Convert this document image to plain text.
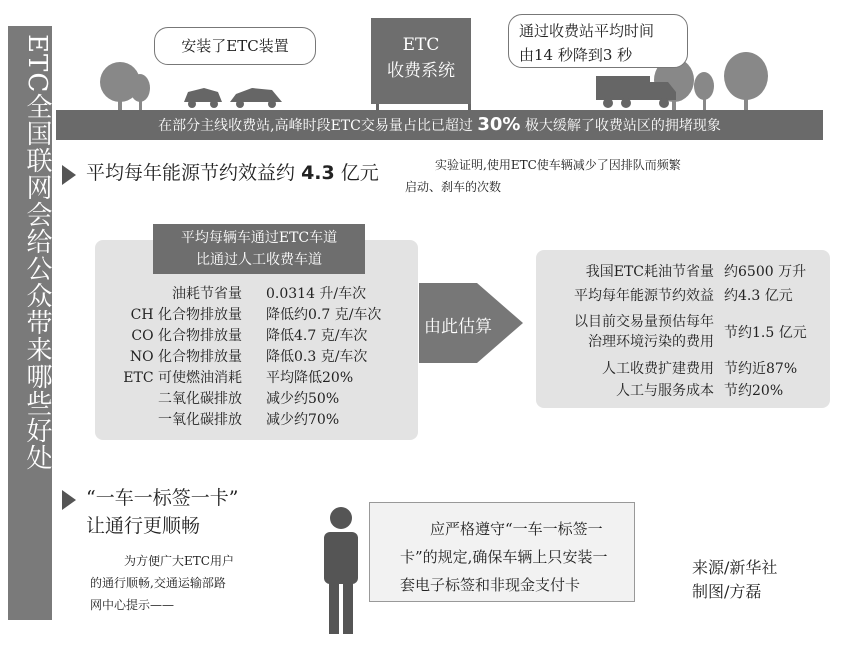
ETC全国联网会给公众带来哪些好处	安装了ETC装置	ETC
收费系统
通过收费站平均时间
由14 秒降到3 秒
在部分主线收费站,高峰时段ETC交易量占比已超过 30% 极大缓解了收费站区的拥堵现象
平均每年能源节约效益约 4.3 亿元	实验证明,使用ETC使车辆减少了因排队而频繁
启动、刹车的次数
平均每辆车通过ETC车道
比通过人工收费车道
油耗节省量 0.0314 升/车次
CH 化合物排放量 降低约0.7 克/车次
CO 化合物排放量 降低4.7 克/车次
NO 化合物排放量 降低0.3 克/车次
ETC 可使燃油消耗 平均降低20%
二氧化碳排放 减少约50%
一氧化碳排放 减少约70%
由此估算
我国ETC耗油节省量 约6500 万升
平均每年能源节约效益 约4.3 亿元
以目前交易量预估每年
治理环境污染的费用
节约1.5 亿元
人工收费扩建费用 节约近87%
人工与服务成本 节约20%
“一车一标签一卡”
让通行更顺畅
为方便广大ETC用户
的通行顺畅,交通运输部路
网中心提示——
应严格遵守“一车一标签一
卡”的规定,确保车辆上只安装一
套电子标签和非现金支付卡
来源/新华社
制图/方磊
